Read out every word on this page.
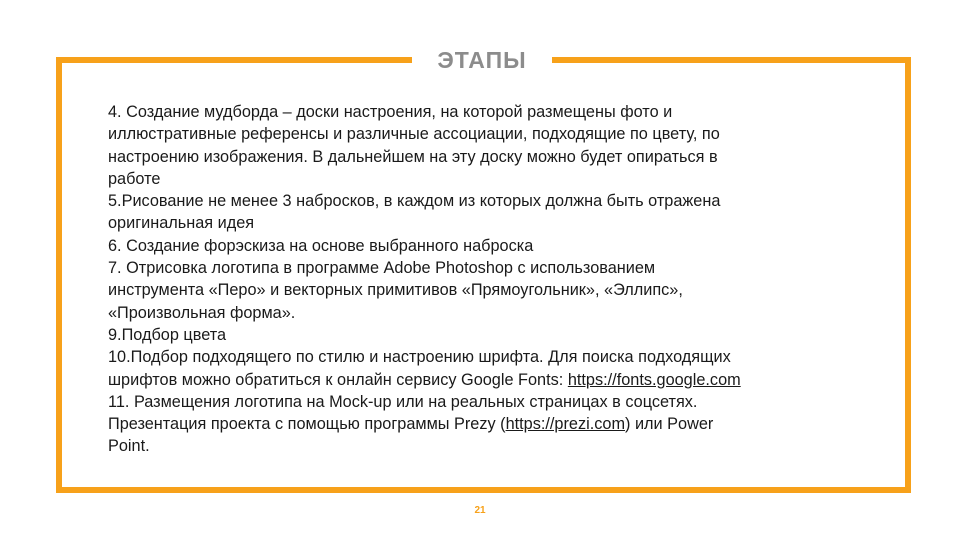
ЭТАПЫ

4. Создание мудборда – доски настроения, на которой размещены фото и

иллюстративные референсы и различные ассоциации, подходящие по цвету, по

настроению изображения. В дальнейшем на эту доску можно будет опираться в

работе

5.Рисование не менее 3 набросков, в каждом из которых должна быть отражена

оригинальная идея

6. Создание форэскиза на основе выбранного наброска

7. Отрисовка логотипа в программе Adobe Photoshop с использованием

инструмента «Перо» и векторных примитивов «Прямоугольник», «Эллипс»,

«Произвольная форма».

9.Подбор цвета

10.Подбор подходящего по стилю и настроению шрифта. Для поиска подходящих

шрифтов можно обратиться к онлайн сервису Google Fonts: https://fonts.google.com

11. Размещения логотипа на Mock-up или на реальных страницах в соцсетях.

Презентация проекта с помощью программы Prezy (https://prezi.com) или Power

Point.

21
